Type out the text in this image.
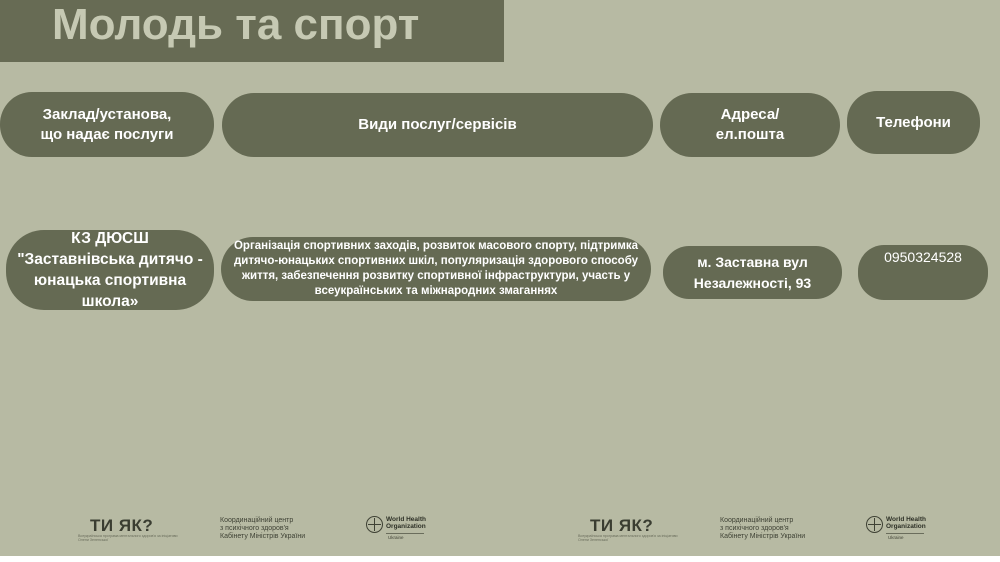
Молодь та спорт
Заклад/установа,
що надає послуги
Види послуг/сервісів
Адреса/
ел.пошта
Телефони
КЗ ДЮСШ
"Заставнівська дитячо -
юнацька спортивна
школа»
Організація спортивних заходів, розвиток масового спорту, підтримка дитячо-юнацьких спортивних шкіл, популяризація здорового способу життя, забезпечення розвитку спортивної інфраструктури, участь у всеукраїнських та міжнародних змаганнях
м. Заставна вул
Незалежності, 93
0950324528
ТИ ЯК?
Всеукраїнська програма ментального здоров'я за ініціативи Олени Зеленської
Координаційний центр
з психічного здоров'я
Кабінету Міністрів України
World Health
Organization
Ukraine
ТИ ЯК?
Всеукраїнська програма ментального здоров'я за ініціативи Олени Зеленської
Координаційний центр
з психічного здоров'я
Кабінету Міністрів України
World Health
Organization
Ukraine
